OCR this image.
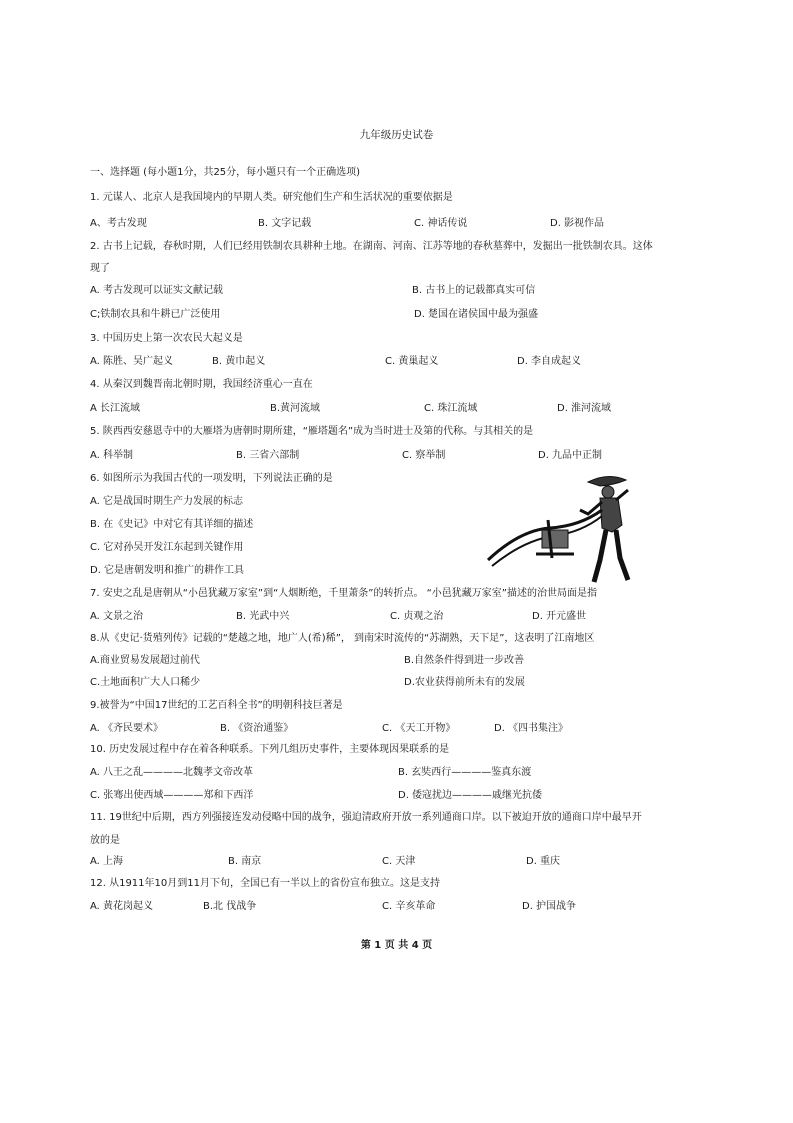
九年级历史试卷
一、选择题 (每小题1分，共25分，每小题只有一个正确选项)
1. 元谋人、北京人是我国境内的早期人类。研究他们生产和生活状况的重要依据是
A、考古发现	B. 文字记载	C. 神话传说	D. 影视作品
2. 古书上记载，春秋时期，人们已经用铁制农具耕种土地。在湖南、河南、江苏等地的春秋墓葬中，发掘出一批铁制农具。这体
现了
A. 考古发现可以证实文献记载	B. 古书上的记载都真实可信
C;铁制农具和牛耕已广泛使用	D. 楚国在诸侯国中最为强盛
3. 中国历史上第一次农民大起义是
A. 陈胜、吴广起义	B. 黄巾起义	C. 黄巢起义	D. 李自成起义
4. 从秦汉到魏晋南北朝时期，我国经济重心一直在
A 长江流域	B.黄河流域	C. 珠江流域	D. 淮河流域
5. 陕西西安慈恩寺中的大雁塔为唐朝时期所建，“雁塔题名”成为当时进士及第的代称。与其相关的是
A. 科举制	B. 三省六部制	C. 察举制	D. 九品中正制
6. 如图所示为我国古代的一项发明，下列说法正确的是
A. 它是战国时期生产力发展的标志
B. 在《史记》中对它有其详细的描述
C. 它对孙吴开发江东起到关键作用
D. 它是唐朝发明和推广的耕作工具
7. 安史之乱是唐朝从“小邑犹藏万家室”到“人烟断绝，千里萧条”的转折点。 “小邑犹藏万家室”描述的治世局面是指
A. 文景之治	B. 光武中兴	C. 贞观之治	D. 开元盛世
8.从《史记·货殖列传》记载的“楚越之地，地广人(希)稀”， 到南宋时流传的“苏湖熟，天下足”，这表明了江南地区
A.商业贸易发展超过前代	B.自然条件得到进一步改善
C.土地面积广大人口稀少	D.农业获得前所未有的发展
9.被誉为“中国17世纪的工艺百科全书”的明朝科技巨著是
A. 《齐民要术》	B. 《资治通鉴》	C. 《天工开物》	D. 《四书集注》
10. 历史发展过程中存在着各种联系。下列几组历史事件，主要体现因果联系的是
A. 八王之乱————北魏孝文帝改革	B. 玄奘西行————鉴真东渡
C. 张骞出使西域————郑和下西洋	D. 倭寇扰边————戚继光抗倭
11. 19世纪中后期，西方列强接连发动侵略中国的战争，强迫清政府开放一系列通商口岸。以下被迫开放的通商口岸中最早开
放的是
A. 上海	B. 南京	C. 天津	D. 重庆
12. 从1911年10月到11月下旬，全国已有一半以上的省份宣布独立。这是支持
A. 黄花岗起义	B.北 伐战争	C. 辛亥革命	D. 护国战争
第 1 页 共 4 页
